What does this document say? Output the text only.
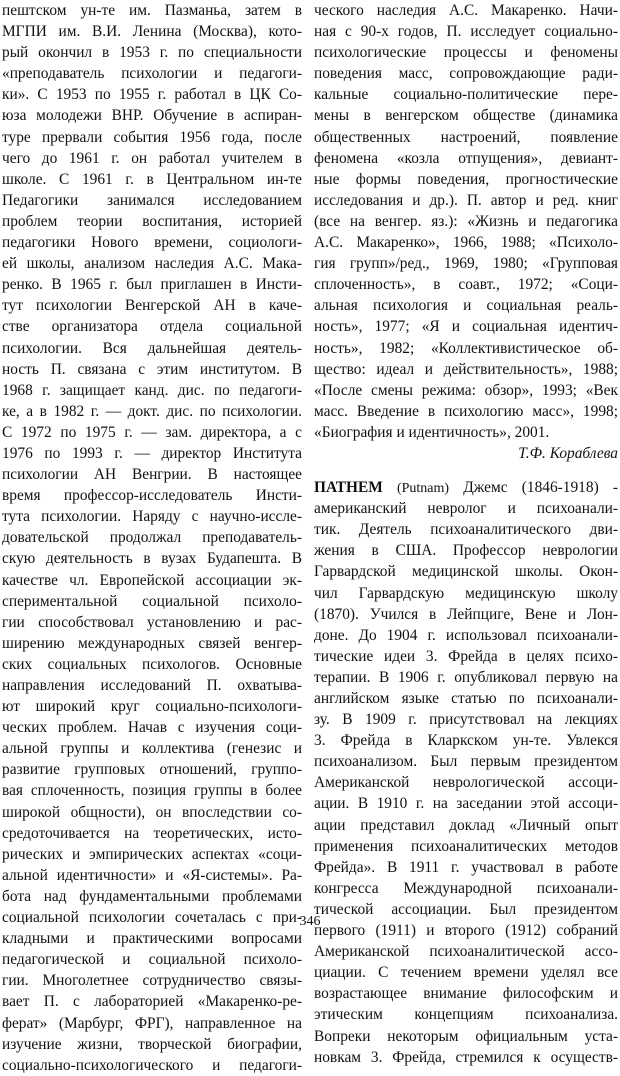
пештском ун-те им. Пазманьа, затем в
МГПИ им. В.И. Ленина (Москва), кото-
рый окончил в 1953 г. по специальности
«преподаватель психологии и педагоги-
ки». С 1953 по 1955 г. работал в ЦК Со-
юза молодежи ВНР. Обучение в аспиран-
туре прервали события 1956 года, после
чего до 1961 г. он работал учителем в
школе. С 1961 г. в Центральном ин-те
Педагогики занимался исследованием
проблем теории воспитания, историей
педагогики Нового времени, социологи-
ей школы, анализом наследия А.С. Мака-
ренко. В 1965 г. был приглашен в Инсти-
тут психологии Венгерской АН в каче-
стве организатора отдела социальной
психологии. Вся дальнейшая деятель-
ность П. связана с этим институтом. В
1968 г. защищает канд. дис. по педагоги-
ке, а в 1982 г. — докт. дис. по психологии.
С 1972 по 1975 г. — зам. директора, а с
1976 по 1993 г. — директор Института
психологии АН Венгрии. В настоящее
время профессор-исследователь Инсти-
тута психологии. Наряду с научно-иссле-
довательской продолжал преподаватель-
скую деятельность в вузах Будапешта. В
качестве чл. Европейской ассоциации эк-
спериментальной социальной психоло-
гии способствовал установлению и рас-
ширению международных связей венгер-
ских социальных психологов. Основные
направления исследований П. охватыва-
ют широкий круг социально-психологи-
ческих проблем. Начав с изучения соци-
альной группы и коллектива (генезис и
развитие групповых отношений, группо-
вая сплоченность, позиция группы в более
широкой общности), он впоследствии со-
средоточивается на теоретических, исто-
рических и эмпирических аспектах «соци-
альной идентичности» и «Я-системы». Ра-
бота над фундаментальными проблемами
социальной психологии сочеталась с при-
кладными и практическими вопросами
педагогической и социальной психоло-
гии. Многолетнее сотрудничество связы-
вает П. с лабораторией «Макаренко-ре-
ферат» (Марбург, ФРГ), направленное на
изучение жизни, творческой биографии,
социально-психологического и педагоги-
ческого наследия А.С. Макаренко. Начи-
ная с 90-х годов, П. исследует социально-
психологические процессы и феномены
поведения масс, сопровождающие ради-
кальные социально-политические пере-
мены в венгерском обществе (динамика
общественных настроений, появление
феномена «козла отпущения», девиант-
ные формы поведения, прогностические
исследования и др.). П. автор и ред. книг
(все на венгер. яз.): «Жизнь и педагогика
А.С. Макаренко», 1966, 1988; «Психоло-
гия групп»/ред., 1969, 1980; «Групповая
сплоченность», в соавт., 1972; «Соци-
альная психология и социальная реаль-
ность», 1977; «Я и социальная идентич-
ность», 1982; «Коллективистическое об-
щество: идеал и действительность», 1988;
«После смены режима: обзор», 1993; «Век
масс. Введение в психологию масс», 1998;
«Биография и идентичность», 2001.
Т.Ф. Кораблева
ПАТНЕМ (Putnam) Джемс (1846-1918) -
американский невролог и психоанали-
тик. Деятель психоаналитического дви-
жения в США. Профессор неврологии
Гарвардской медицинской школы. Окон-
чил Гарвардскую медицинскую школу
(1870). Учился в Лейпциге, Вене и Лон-
доне. До 1904 г. использовал психоанали-
тические идеи 3. Фрейда в целях психо-
терапии. В 1906 г. опубликовал первую на
английском языке статью по психоанали-
зу. В 1909 г. присутствовал на лекциях
3. Фрейда в Кларкском ун-те. Увлекся
психоанализом. Был первым президентом
Американской неврологической ассоци-
ации. В 1910 г. на заседании этой ассоци-
ации представил доклад «Личный опыт
применения психоаналитических методов
Фрейда». В 1911 г. участвовал в работе
конгресса Международной психоанали-
тической ассоциации. Был президентом
первого (1911) и второго (1912) собраний
Американской психоаналитической ассо-
циации. С течением времени уделял все
возрастающее внимание философским и
этическим концепциям психоанализа.
Вопреки некоторым официальным уста-
новкам 3. Фрейда, стремился к осуществ-
346
